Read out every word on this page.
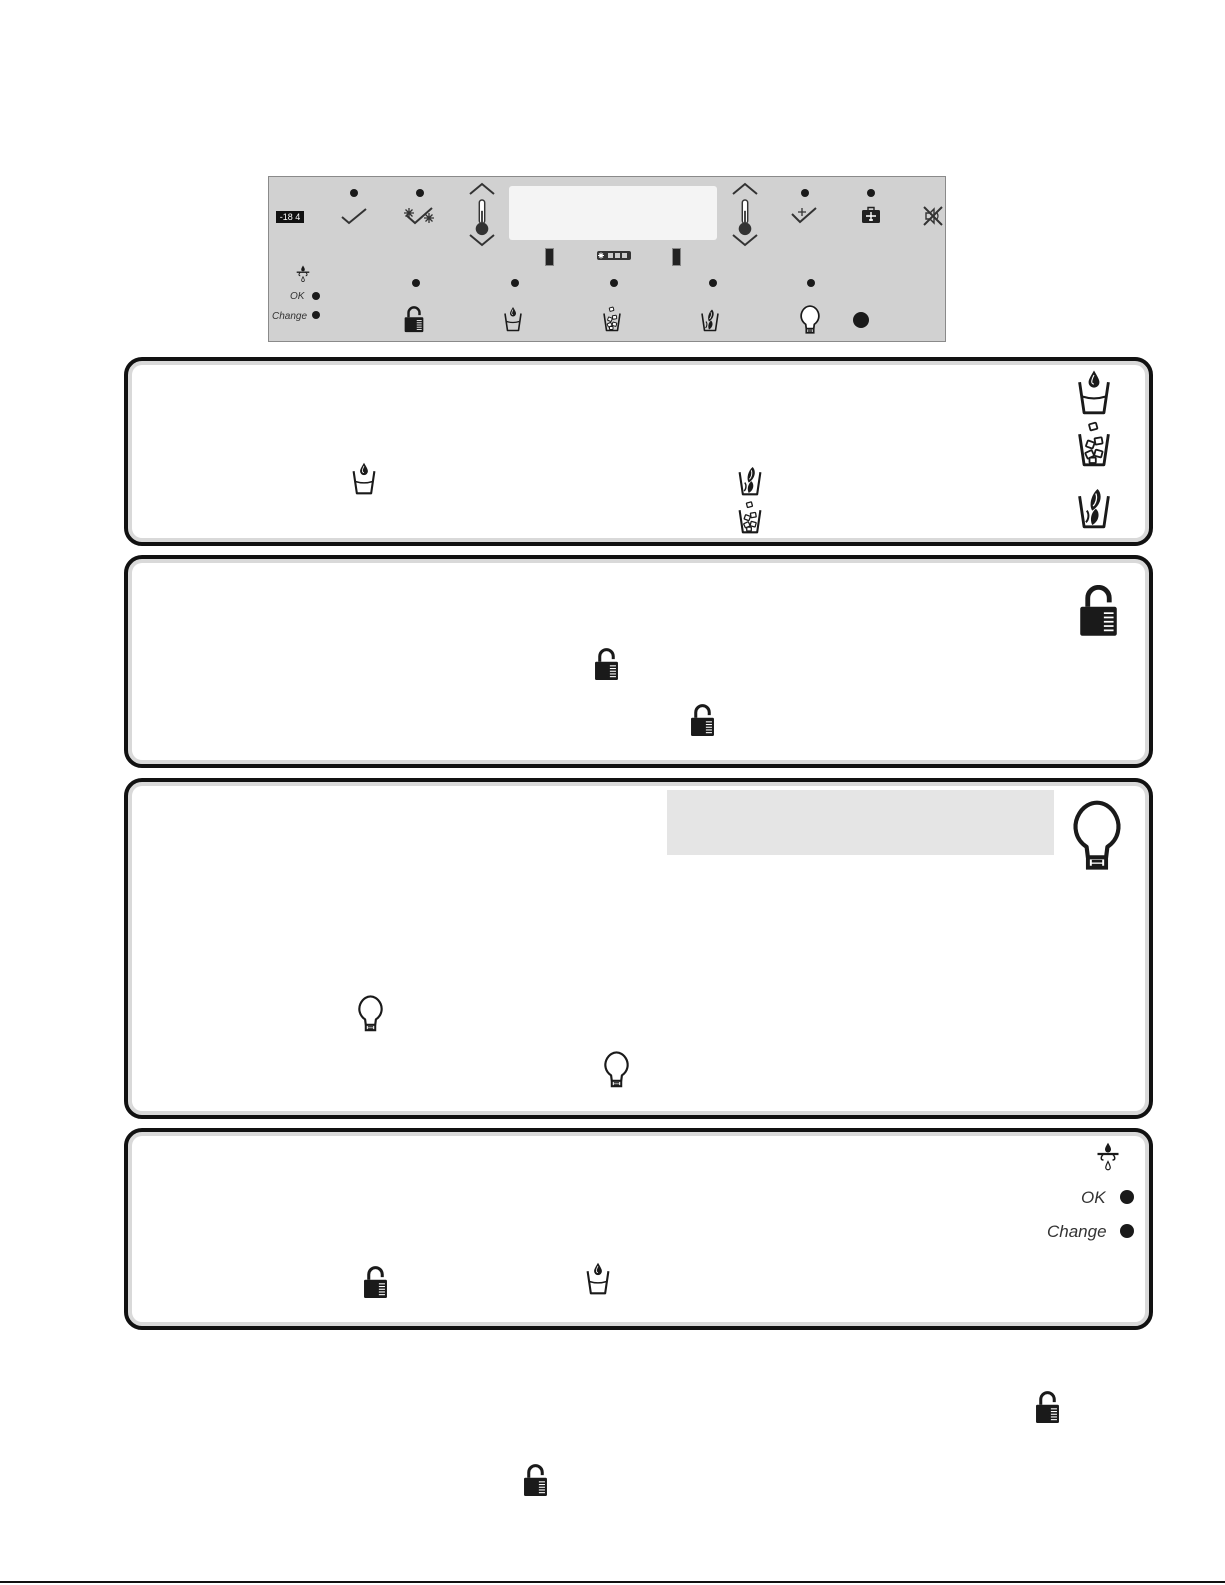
-18 4
OK
Change
OK
Change
